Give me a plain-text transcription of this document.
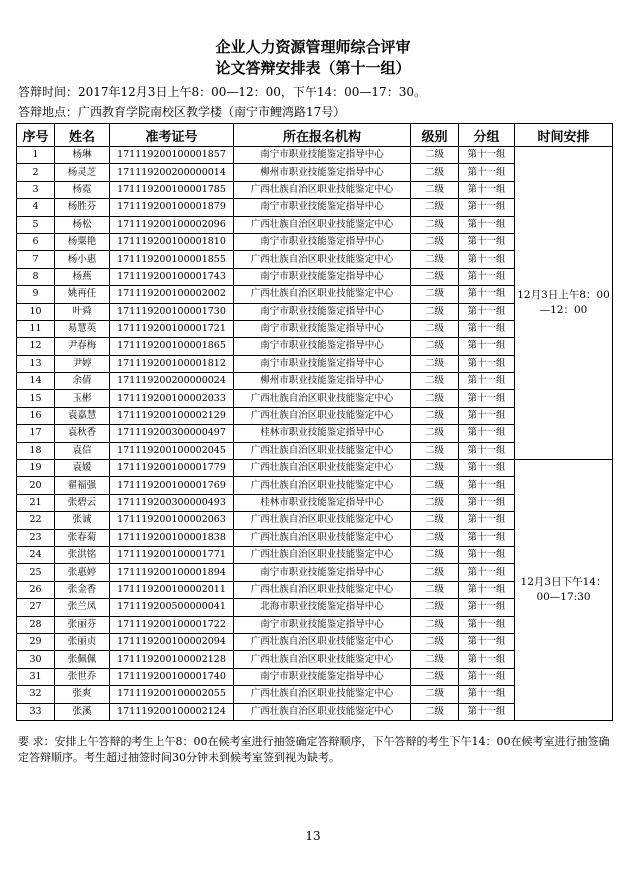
企业人力资源管理师综合评审
论文答辩安排表（第十一组）
答辩时间：2017年12月3日上午8：00—12：00，下午14：00—17：30。
答辩地点：广西教育学院南校区教学楼（南宁市鲤湾路17号）
序号	姓名	准考证号	所在报名机构	级别	分组	时间安排
1	杨琳	171119200100001857	南宁市职业技能鉴定指导中心	二级	第十一组	12月3日上午8：00—12：00
2	杨灵芝	171119200200000014	柳州市职业技能鉴定指导中心	二级	第十一组	
3	杨霓	171119200100001785	广西壮族自治区职业技能鉴定中心	二级	第十一组	
4	杨胜芬	171119200100001879	南宁市职业技能鉴定指导中心	二级	第十一组	
5	杨松	171119200100002096	广西壮族自治区职业技能鉴定中心	二级	第十一组	
6	杨粟艳	171119200100001810	南宁市职业技能鉴定指导中心	二级	第十一组	
7	杨小惠	171119200100001855	广西壮族自治区职业技能鉴定中心	二级	第十一组	
8	杨燕	171119200100001743	南宁市职业技能鉴定指导中心	二级	第十一组	
9	姚再任	171119200100002002	广西壮族自治区职业技能鉴定中心	二级	第十一组	
10	叶舜	171119200100001730	南宁市职业技能鉴定指导中心	二级	第十一组	
11	易慧英	171119200100001721	南宁市职业技能鉴定指导中心	二级	第十一组	
12	尹春梅	171119200100001865	南宁市职业技能鉴定指导中心	二级	第十一组	
13	尹婷	171119200100001812	南宁市职业技能鉴定指导中心	二级	第十一组	
14	余倩	171119200200000024	柳州市职业技能鉴定指导中心	二级	第十一组	
15	玉彬	171119200100002033	广西壮族自治区职业技能鉴定中心	二级	第十一组	
16	袁嘉慧	171119200100002129	广西壮族自治区职业技能鉴定中心	二级	第十一组	
17	袁秋香	171119200300000497	桂林市职业技能鉴定指导中心	二级	第十一组	
18	袁信	171119200100002045	广西壮族自治区职业技能鉴定中心	二级	第十一组	
19	袁媛	171119200100001779	广西壮族自治区职业技能鉴定中心	二级	第十一组	12月3日下午14：00—17:30
20	翟福强	171119200100001769	广西壮族自治区职业技能鉴定中心	二级	第十一组	
21	张碧云	171119200300000493	桂林市职业技能鉴定指导中心	二级	第十一组	
22	张诚	171119200100002063	广西壮族自治区职业技能鉴定中心	二级	第十一组	
23	张春菊	171119200100001838	广西壮族自治区职业技能鉴定中心	二级	第十一组	
24	张洪铭	171119200100001771	广西壮族自治区职业技能鉴定中心	二级	第十一组	
25	张惠婷	171119200100001894	南宁市职业技能鉴定指导中心	二级	第十一组	
26	张金香	171119200100002011	广西壮族自治区职业技能鉴定中心	二级	第十一组	
27	张兰凤	171119200500000041	北海市职业技能鉴定指导中心	二级	第十一组	
28	张丽芬	171119200100001722	南宁市职业技能鉴定指导中心	二级	第十一组	
29	张丽贞	171119200100002094	广西壮族自治区职业技能鉴定中心	二级	第十一组	
30	张佩佩	171119200100002128	广西壮族自治区职业技能鉴定中心	二级	第十一组	
31	张世乔	171119200100001740	南宁市职业技能鉴定指导中心	二级	第十一组	
32	张爽	171119200100002055	广西壮族自治区职业技能鉴定中心	二级	第十一组	
33	张溪	171119200100002124	广西壮族自治区职业技能鉴定中心	二级	第十一组	
要 求：安排上午答辩的考生上午8：00在候考室进行抽签确定答辩顺序，下午答辩的考生下午14：00在候考室进行抽签确定答辩顺序。考生超过抽签时间30分钟未到候考室签到视为缺考。
13
